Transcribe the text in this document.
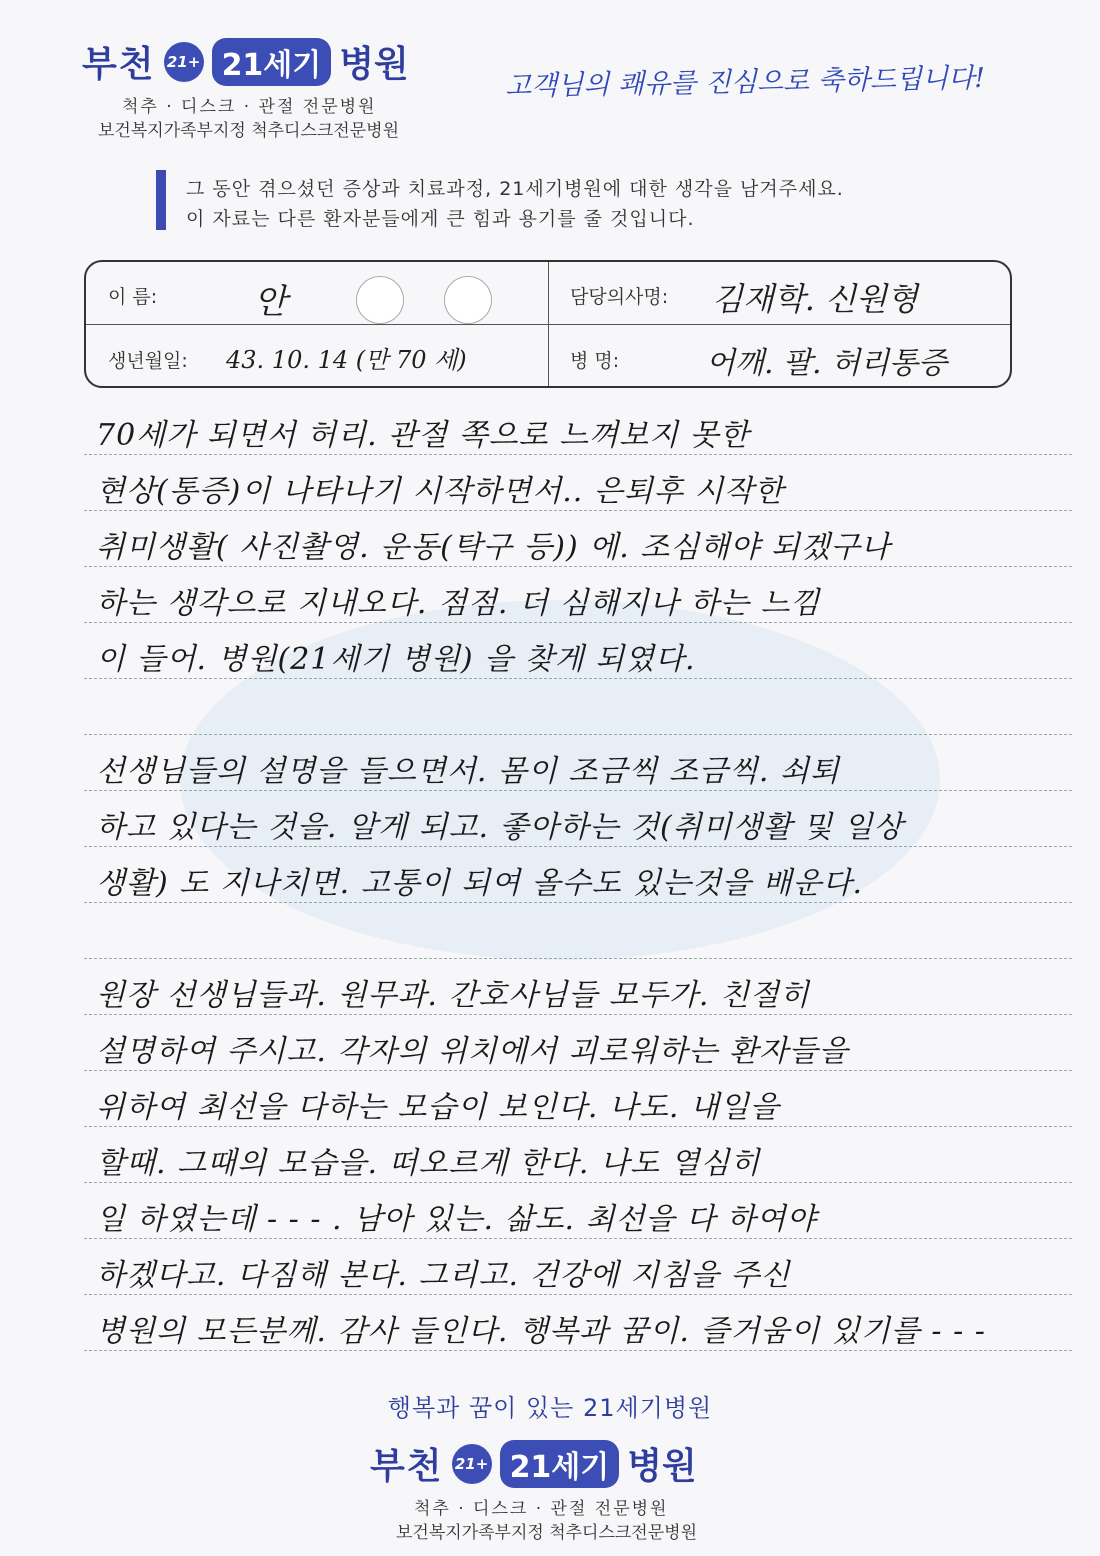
부천 21+ 21세기 병원
척추 · 디스크 · 관절 전문병원
보건복지가족부지정 척추디스크전문병원
고객님의 쾌유를 진심으로 축하드립니다!
그 동안 겪으셨던 증상과 치료과정, 21세기병원에 대한 생각을 남겨주세요.
이 자료는 다른 환자분들에게 큰 힘과 용기를 줄 것입니다.
이 름:	안	담당의사명: 김재학. 신원형
생년월일: 43. 10. 14 (만 70 세)	병 명:	어깨. 팔. 허리통증
70세가 되면서 허리. 관절 쪽으로 느껴보지 못한
현상(통증)이 나타나기 시작하면서.. 은퇴후 시작한
취미생활( 사진촬영. 운동(탁구 등)) 에. 조심해야 되겠구나
하는 생각으로 지내오다. 점점. 더 심해지나 하는 느낌
이 들어. 병원(21세기 병원) 을 찾게 되였다.
선생님들의 설명을 들으면서. 몸이 조금씩 조금씩. 쇠퇴
하고 있다는 것을. 알게 되고. 좋아하는 것(취미생활 및 일상
생활) 도 지나치면. 고통이 되여 올수도 있는것을 배운다.
원장 선생님들과. 원무과. 간호사님들 모두가. 친절히
설명하여 주시고. 각자의 위치에서 괴로워하는 환자들을
위하여 최선을 다하는 모습이 보인다. 나도. 내일을
할때. 그때의 모습을. 떠오르게 한다. 나도 열심히
일 하였는데 - - - . 남아 있는. 삶도. 최선을 다 하여야
하겠다고. 다짐해 본다. 그리고. 건강에 지침을 주신
병원의 모든분께. 감사 들인다. 행복과 꿈이. 즐거움이 있기를 - - -
행복과 꿈이 있는 21세기병원
부천 21+ 21세기 병원
척추 · 디스크 · 관절 전문병원
보건복지가족부지정 척추디스크전문병원
